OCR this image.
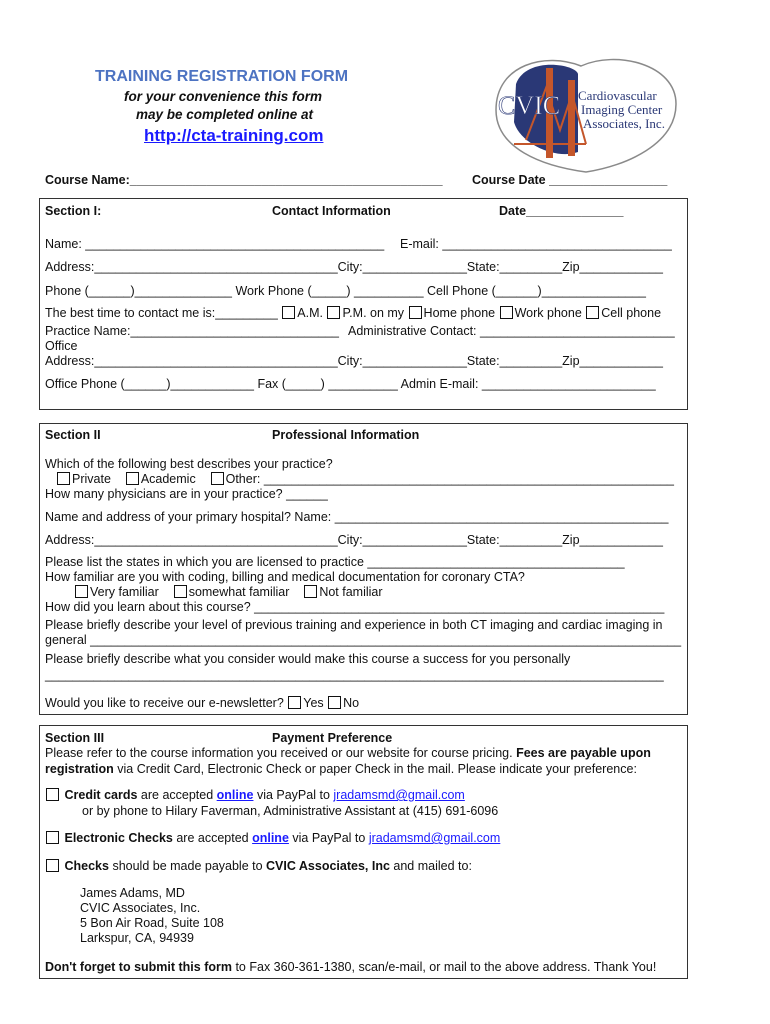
TRAINING REGISTRATION FORM
for your convenience this form
may be completed online at
http://cta-training.com
CVIC Cardiovascular
Imaging Center
Associates, Inc.
Course Name:_____________________________________________ Course Date _________________
Section I:	Contact Information	Date______________
Name: ___________________________________________ E-mail: _________________________________
Address:___________________________________City:_______________State:_________Zip____________
Phone (______)______________ Work Phone (_____) __________ Cell Phone (______)_______________
The best time to contact me is:_________ A.M. P.M. on my Home phone Work phone Cell phone
Practice Name:______________________________ Administrative Contact: ____________________________
Office
Address:___________________________________City:_______________State:_________Zip____________
Office Phone (______)____________ Fax (_____) __________ Admin E-mail: _________________________
Section II	Professional Information
Which of the following best describes your practice?
Private Academic Other: ___________________________________________________________
How many physicians are in your practice? ______
Name and address of your primary hospital? Name: ________________________________________________
Address:___________________________________City:_______________State:_________Zip____________
Please list the states in which you are licensed to practice _____________________________________
How familiar are you with coding, billing and medical documentation for coronary CTA?
Very familiar somewhat familiar Not familiar
How did you learn about this course? ___________________________________________________________
Please briefly describe your level of previous training and experience in both CT imaging and cardiac imaging in
general _____________________________________________________________________________________
Please briefly describe what you consider would make this course a success for you personally
_________________________________________________________________________________________
Would you like to receive our e-newsletter? Yes No
Section III	Payment Preference
Please refer to the course information you received or our website for course pricing. Fees are payable upon
registration via Credit Card, Electronic Check or paper Check in the mail. Please indicate your preference:
Credit cards are accepted online via PayPal to jradamsmd@gmail.com
or by phone to Hilary Faverman, Administrative Assistant at (415) 691-6096
Electronic Checks are accepted online via PayPal to jradamsmd@gmail.com
Checks should be made payable to CVIC Associates, Inc and mailed to:
James Adams, MD
CVIC Associates, Inc.
5 Bon Air Road, Suite 108
Larkspur, CA, 94939
Don't forget to submit this form to Fax 360-361-1380, scan/e-mail, or mail to the above address. Thank You!
